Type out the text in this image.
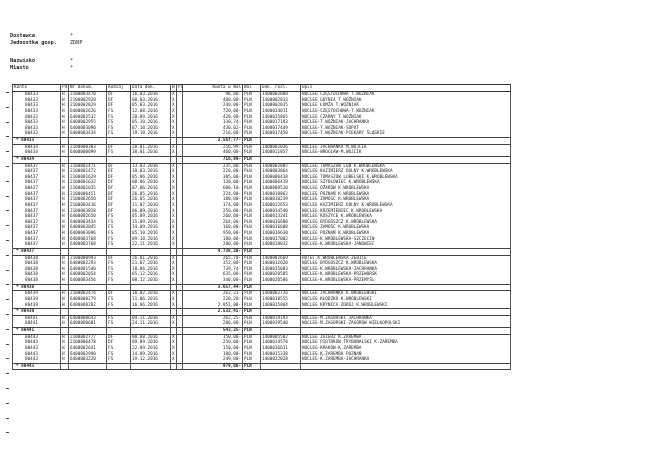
Dostawca	*
Jednostka gosp.	ZDRP
Nazwisko	*
Miasto	*
Konto	Pd	Nr dokum.	Rodzaj	Data dok.	W	Pi	Kwota w Wal	Wal	Dok. rozl.	Opis
80433	H	2100003470	DF	16.03.2016	X		90,00-	PLN	1400002808	NOCLEG CZĘSTOCHOWA T.WOŹNIAK
80433	H	2100002928	DF	08.03.2016	X		480,00-	PLN	1400002833	NOCLEG GDYNIA T.WOŹNIAK
80433	H	2100002829	DF	05.03.2016	X		240,00-	PLN	1400002835	NOCLEG ŁOMŻA T.WOŹNIAK
80433	H	6400002626	FS	12.08.2016	X		720,00-	PLN	1400014011	NOCLEG-CZĘSTOCHOWA-T.WOŹNIAK
80433	H	6400002532	FS	20.09.2016	X		420,00-	PLN	1400015865	NOCLEG CZARNY T.WOŹNIAK
80433	H	6400002955	FS	05.10.2016	X		130,74-	PLN	1400017193	NOCLEG-T.WOŹNIAK-JACHRANKA
80433	H	6400003090	FS	07.10.2016	X		430,02-	PLN	1400017449	NOCLEG-T.WOŹNIAK-SOPOT
80433	H	6400003434	FS	19.10.2016	X		216,00-	PLN	1400017450	NOCLEG-T.WOŹNIAK-PIEKARY ŚLĄSKIE
* 80433							2.567,77-	PLN		
80434	H	2100000383	DF	28.01.2016	X		256,99-	PLN	1400002036	NOCLEG JACHRANKA M.WÓJCIK
80434	H	6400000099	FS	30.01.2016	X		460,00-	PLN	1400011857	NOCLEG-WROCŁAW-M.WÓJCIK
* 80434							716,99-	PLN		
80437	H	2100001471	DF	13.03.2016	X		235,00-	PLN	1400002805	NOCLEG TOMASZÓW LUB K.WRÓBLEWSKA
80437	H	2100001472	DF	10.03.2016	X		220,00-	PLN	1400003864	NOCLEG KAZIMIERZ DOLNY K.WRÓBLEWSKA
80437	H	2100001629	DF	05.06.2016	X		385,00-	PLN	1400006418	NOCLEG TOMASZÓW LUBELSKI K.WRÓBLEWSKA
80437	H	2100001632	DF	08.06.2016	X		130,00-	PLN	1400006419	NOCLEG SZYDŁOWIEC K.WRÓBLEWSKA
80437	H	2100001835	DF	07.06.2016	X		600,10-	PLN	1400009520	NOCLEG OŻARÓW K.WRÓBLEWSKA
80437	H	2100006451	DF	26.05.2016	X		224,00-	PLN	1400010862	NOCLEG POZNAŃ K.WRÓBLEWSKA
80437	H	2100002650	DF	26.05.2016	X		180,00-	PLN	1400010239	NOCLEG ZAMOŚĆ K.WRÓBLEWSKA
80437	H	2100003416	DF	31.07.2016	X		174,00-	PLN	1400012653	NOCLEG KAZIMIERZ DOLNY K.WRÓBLEWSKA
80437	H	2100003820	DF	06.09.2016	X		250,00-	PLN	1400014540	NOCLEG KRZEMIENIEC K.WRÓBLEWSKA
80437	H	6400002650	FS	05.09.2016	X		260,00-	PLN	1400013241	NOCLEG KOSZYCE K.WRÓBLEWSKA
80437	H	6400003434	FS	15.09.2016	X		264,00-	PLN	1400016600	NOCLEG BYDGOSZCZ K.WRÓBLEWSKA
80437	H	6400003045	FS	14.09.2016	X		160,00-	PLN	1400016608	NOCLEG ZAMOŚĆ K.WRÓBLEWSKA
80437	H	6400003096	FS	05.10.2016	X		950,00-	PLN	1400016630	NOCLEG POZNAŃ K.WRÓBLEWSKA
80437	H	6400003768	FS	09.10.2016	X		180,00-	PLN	1400017002	NOCLEG-K.WRÓBLEWSKA-SZCZECIN
80437	H	6400003768	FS	22.11.2016	X		280,00-	PLN	1400018832	NOCLEG-K.WRÓBLEWSKA-JANOWIEC
* 80437							4.738,20-	PLN		
80438	H	2100000993	DF	26.01.2016	X		265,70-	PLN	1400002669	HOTEL K.WRÓBLEWSKA ZEBICE
80438	H	6400002293	FS	21.07.2016	X		352,00-	PLN	1400012620	NOCLEG BYDGOSZCZ K.WRÓBLEWSKA
80438	H	6400001540	FS	10.06.2016	X		739,74-	PLN	1400015083	NOCLEG-K.WRÓBLEWSKA-JACHRANKA
80438	H	6400002054	FS	05.12.2016	X		635,00-	PLN	1400020585	NOCLEG-K.WRÓBLEWSKA-PRZEWORSK
80438	H	6400003456	FS	08.12.2016	X		340,00-	PLN	1400020586	NOCLEG-K.WRÓBLEWSKA-PRZEMYŚL
* 80438							3.657,44-	PLN		
80439	H	2100002474	DF	10.02.2016	X		262,21-	PLN	1400002726	NOCLEG JACHRANKA K.WRÓBLEWSKI
80439	H	6400000279	FS	11.06.2016	X		220,20-	PLN	1400010555	NOCLEG KŁODZKO K.WRÓBLEWSKI
80439	H	6400000282	FS	16.06.2016	X		2.051,00-	PLN	1400015864	NOCLEG KRYNICA ZDRÓJ K.WRÓBLEWSKI
* 80439							2.533,41-	PLN		
80441	H	6400000643	FS	04.11.2016	X		262,25-	PLN	1400019193	NOCLEG-M.ZAGÓRSKI JACHRANKA
80441	H	6400000681	FS	24.11.2016	X		280,00-	PLN	1400019540	NOCLEG-M.ZAGÓRSKI-ZAGÓRÓW WIELKOPOLSKI
* 80441							543,25-	PLN		
80443	H	2100002777	DF	08.08.2016	X		150,00-	PLN	1400005582	NOCLEG ZGIERZ K.ZAREMBA
80443	H	2100006478	DF	09.09.2016	X		250,00-	PLN	1400014570	NOCLEG PIOTRKÓW TRYBUNALSKI K.ZAREMBA
80443	H	6400002641	FS	22.09.2016	X		150,00-	PLN	1400016611	NOCLEG-KRAKÓW-K.ZAREMBA
80443	H	6400002990	FS	14.09.2016	X		180,00-	PLN	1400015338	NOCLEG K.ZAREMBA POZNAŃ
80443	H	6400003220	FS	19.12.2016	X		249,00-	PLN	1400022028	NOCLEG-K.ZAREMBA-JACHRANKA
* 80443							979,00-	PLN		
